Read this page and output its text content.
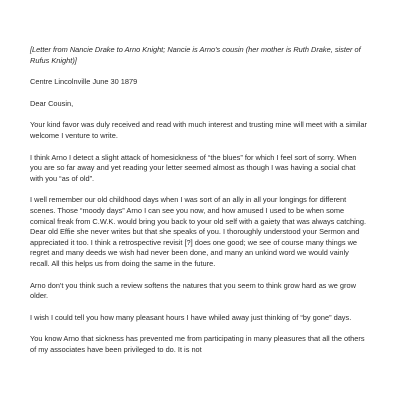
[Letter from Nancie Drake to Arno Knight; Nancie is Arno's cousin (her mother is Ruth Drake, sister of Rufus Knight)]

Centre Lincolnville June 30 1879

Dear Cousin,

Your kind favor was duly received and read with much interest and trusting mine will meet with a similar welcome I venture to write.

I think Arno I detect a slight attack of homesickness of “the blues” for which I feel sort of sorry. When you are so far away and yet reading your letter seemed almost as though I was having a social chat with you “as of old”.

I well remember our old childhood days when I was sort of an ally in all your longings for different scenes. Those “moody days” Arno I can see you now, and how amused I used to be when some comical freak from C.W.K. would bring you back to your old self with a gaiety that was always catching. Dear old Effie she never writes but that she speaks of you. I thoroughly understood your Sermon and appreciated it too. I think a retrospective revisit [?] does one good; we see of course many things we regret and many deeds we wish had never been done, and many an unkind word we would vainly recall. All this helps us from doing the same in the future.

Arno don't you think such a review softens the natures that you seem to think grow hard as we grow older.

I wish I could tell you how many pleasant hours I have whiled away just thinking of “by gone” days.

You know Arno that sickness has prevented me from participating in many pleasures that all the others of my associates have been privileged to do. It is not
